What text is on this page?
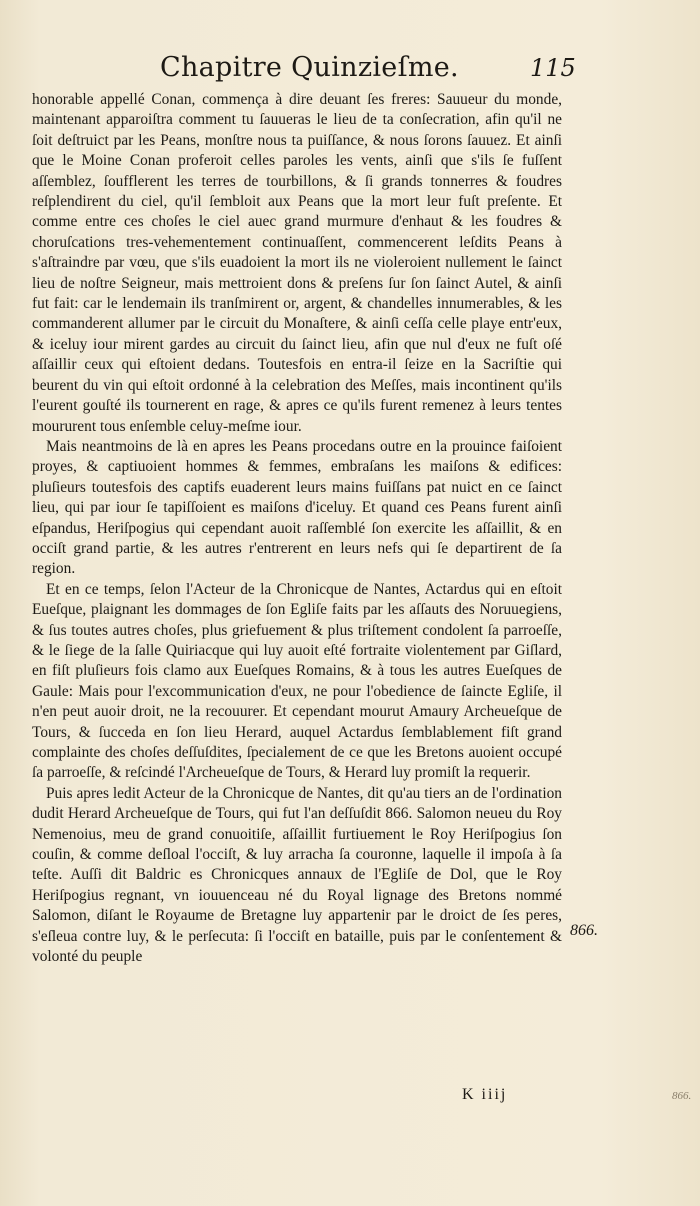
Chapitre Quinzieſme.	115

honorable appellé Conan, commença à dire deuant ſes freres: Sauueur du monde, maintenant apparoiſtra comment tu ſauueras le lieu de ta conſecration, afin qu'il ne ſoit deſtruict par les Peans, monſtre nous ta puiſſance, & nous ſorons ſauuez. Et ainſi que le Moine Conan proferoit celles paroles les vents, ainſi que s'ils ſe fuſſent aſſemblez, ſoufflerent les terres de tourbillons, & ſi grands tonnerres & foudres reſplendirent du ciel, qu'il ſembloit aux Peans que la mort leur fuſt preſente. Et comme entre ces choſes le ciel auec grand murmure d'enhaut & les foudres & choruſcations tres-vehementement continuaſſent, commencerent leſdits Peans à s'aſtraindre par vœu, que s'ils euadoient la mort ils ne violeroient nullement le ſainct lieu de noſtre Seigneur, mais mettroient dons & preſens ſur ſon ſainct Autel, & ainſi fut fait: car le lendemain ils tranſmirent or, argent, & chandelles innumerables, & les commanderent allumer par le circuit du Monaſtere, & ainſi ceſſa celle playe entr'eux, & iceluy iour mirent gardes au circuit du ſainct lieu, afin que nul d'eux ne fuſt oſé aſſaillir ceux qui eſtoient dedans. Toutesfois en entra-il ſeize en la Sacriſtie qui beurent du vin qui eſtoit ordonné à la celebration des Meſſes, mais incontinent qu'ils l'eurent gouſté ils tournerent en rage, & apres ce qu'ils furent remenez à leurs tentes moururent tous enſemble celuy-meſme iour.

Mais neantmoins de là en apres les Peans procedans outre en la prouince faiſoient proyes, & captiuoient hommes & femmes, embraſans les maiſons & edifices: pluſieurs toutesfois des captifs euaderent leurs mains fuiſſans pat nuict en ce ſainct lieu, qui par iour ſe tapiſſoient es maiſons d'iceluy. Et quand ces Peans furent ainſi eſpandus, Heriſpogius qui cependant auoit raſſemblé ſon exercite les aſſaillit, & en occiſt grand partie, & les autres r'entrerent en leurs nefs qui ſe departirent de ſa region.

Et en ce temps, ſelon l'Acteur de la Chronicque de Nantes, Actardus qui en eſtoit Eueſque, plaignant les dommages de ſon Egliſe faits par les aſſauts des Noruuegiens, & ſus toutes autres choſes, plus griefuement & plus triſtement condolent ſa parroeſſe, & le ſiege de la ſalle Quiriacque qui luy auoit eſté fortraite violentement par Giſlard, en fiſt pluſieurs fois clamo aux Eueſques Romains, & à tous les autres Eueſques de Gaule: Mais pour l'excommunication d'eux, ne pour l'obedience de ſaincte Egliſe, il n'en peut auoir droit, ne la recouurer. Et cependant mourut Amaury Archeueſque de Tours, & ſucceda en ſon lieu Herard, auquel Actardus ſemblablement fiſt grand complainte des choſes deſſuſdites, ſpecialement de ce que les Bretons auoient occupé ſa parroeſſe, & reſcindé l'Archeueſque de Tours, & Herard luy promiſt la requerir.

Puis apres ledit Acteur de la Chronicque de Nantes, dit qu'au tiers an de l'ordination dudit Herard Archeueſque de Tours, qui fut l'an deſſuſdit 866. Salomon neueu du Roy Nemenoius, meu de grand conuoitiſe, aſſaillit furtiuement le Roy Heriſpogius ſon couſin, & comme deſloal l'occiſt, & luy arracha ſa couronne, laquelle il impoſa à ſa teſte. Auſſi dit Baldric es Chronicques annaux de l'Egliſe de Dol, que le Roy Heriſpogius regnant, vn iouuenceau né du Royal lignage des Bretons nommé Salomon, diſant le Royaume de Bretagne luy appartenir par le droict de ſes peres, s'eſleua contre luy, & le perſecuta: ſi l'occiſt en bataille, puis par le conſentement & volonté du peuple

866.
K iiij	866.
